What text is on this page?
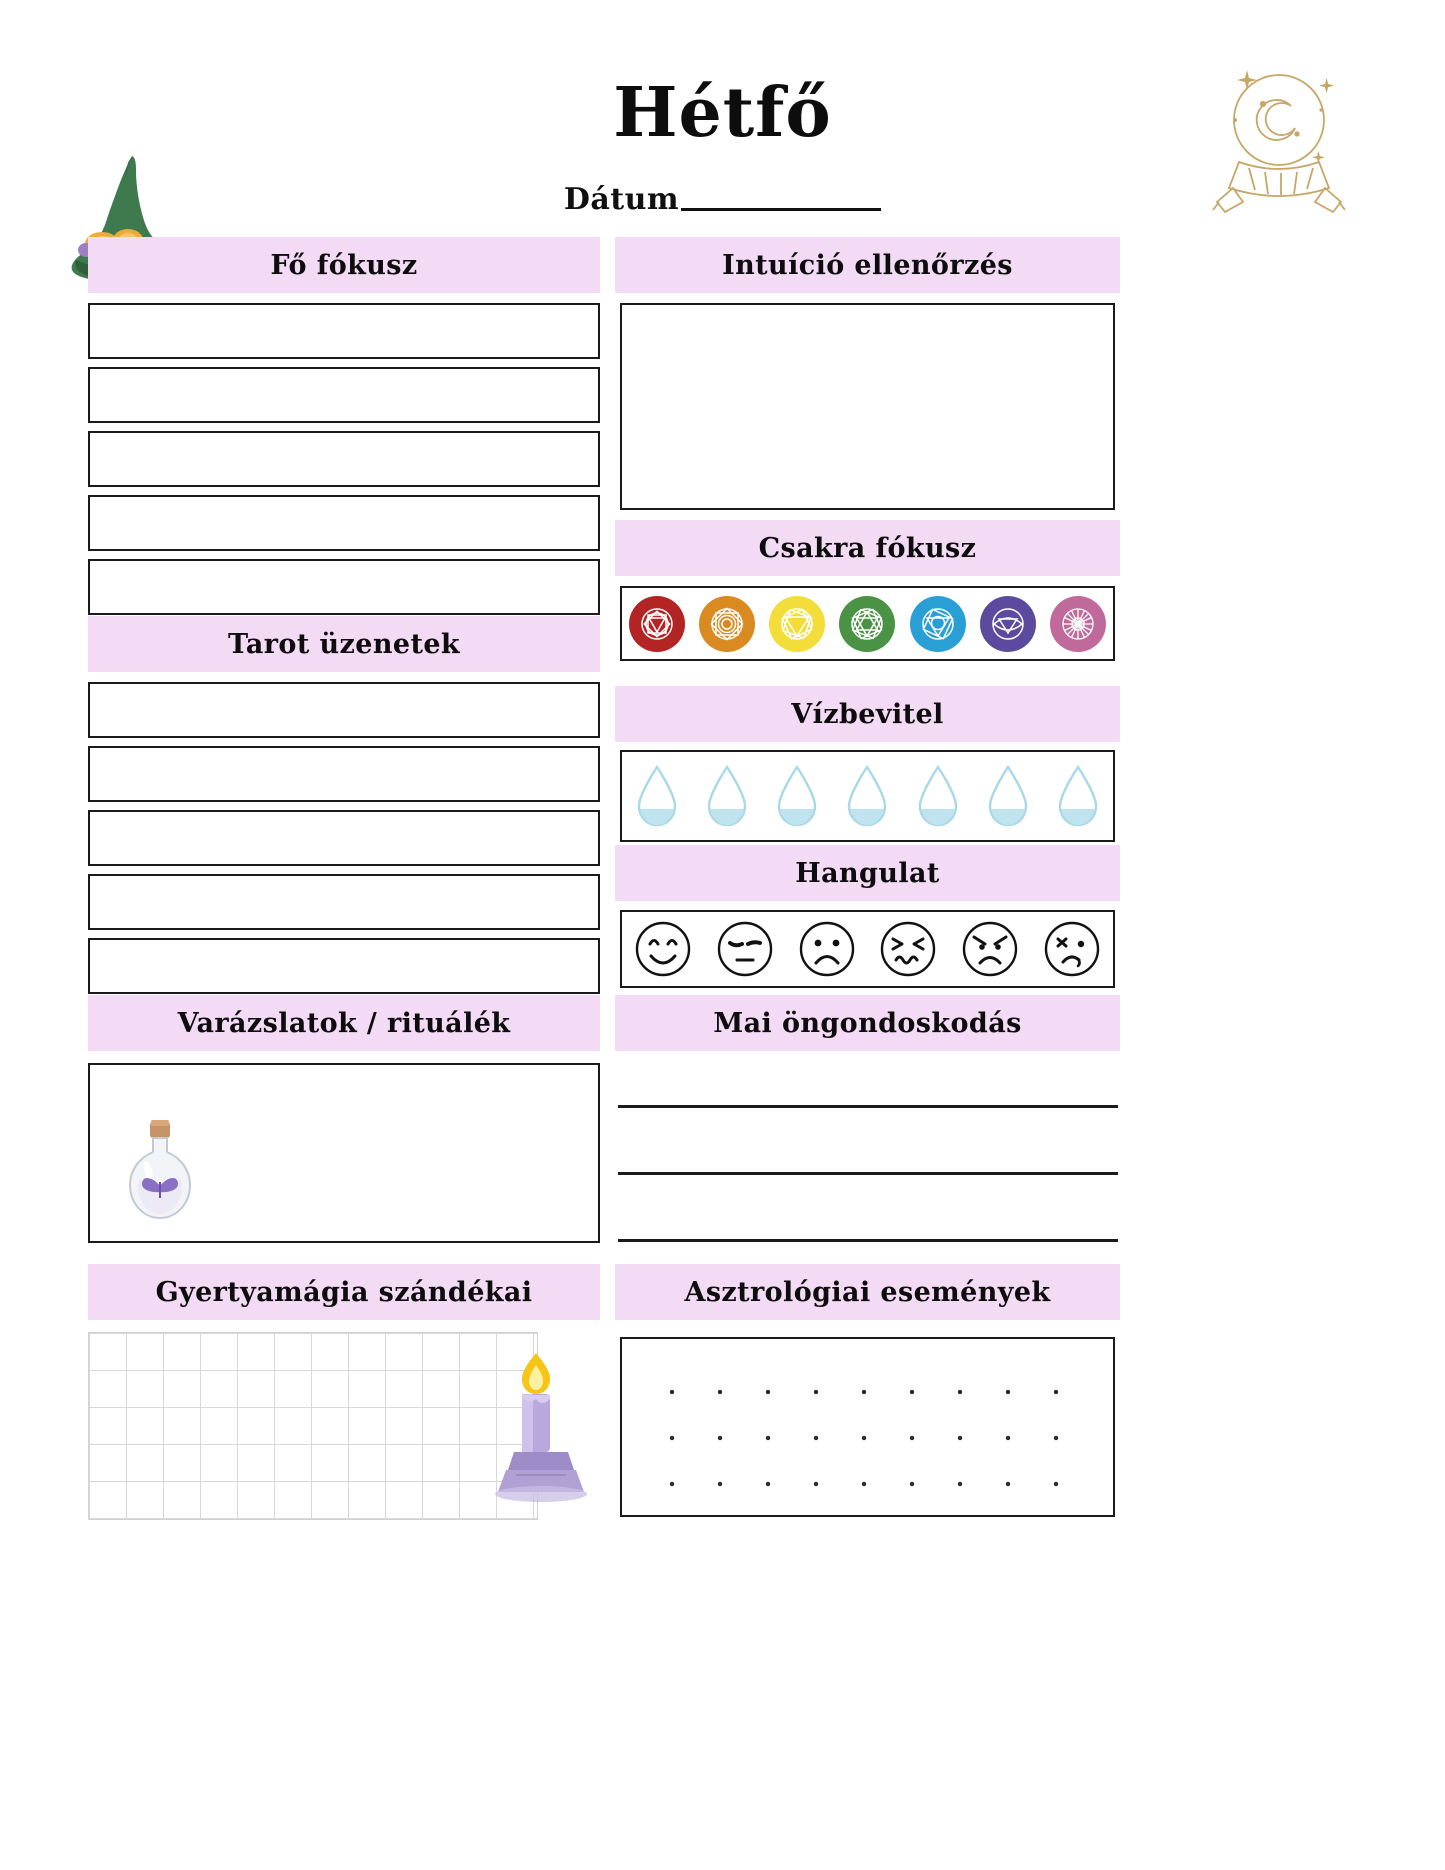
Hétfő
Dátum
Fő fókusz
Tarot üzenetek
Varázslatok / rituálék
Gyertyamágia szándékai
Intuíció ellenőrzés
Csakra fókusz
Vízbevitel
Hangulat
Mai öngondoskodás
Asztrológiai események
